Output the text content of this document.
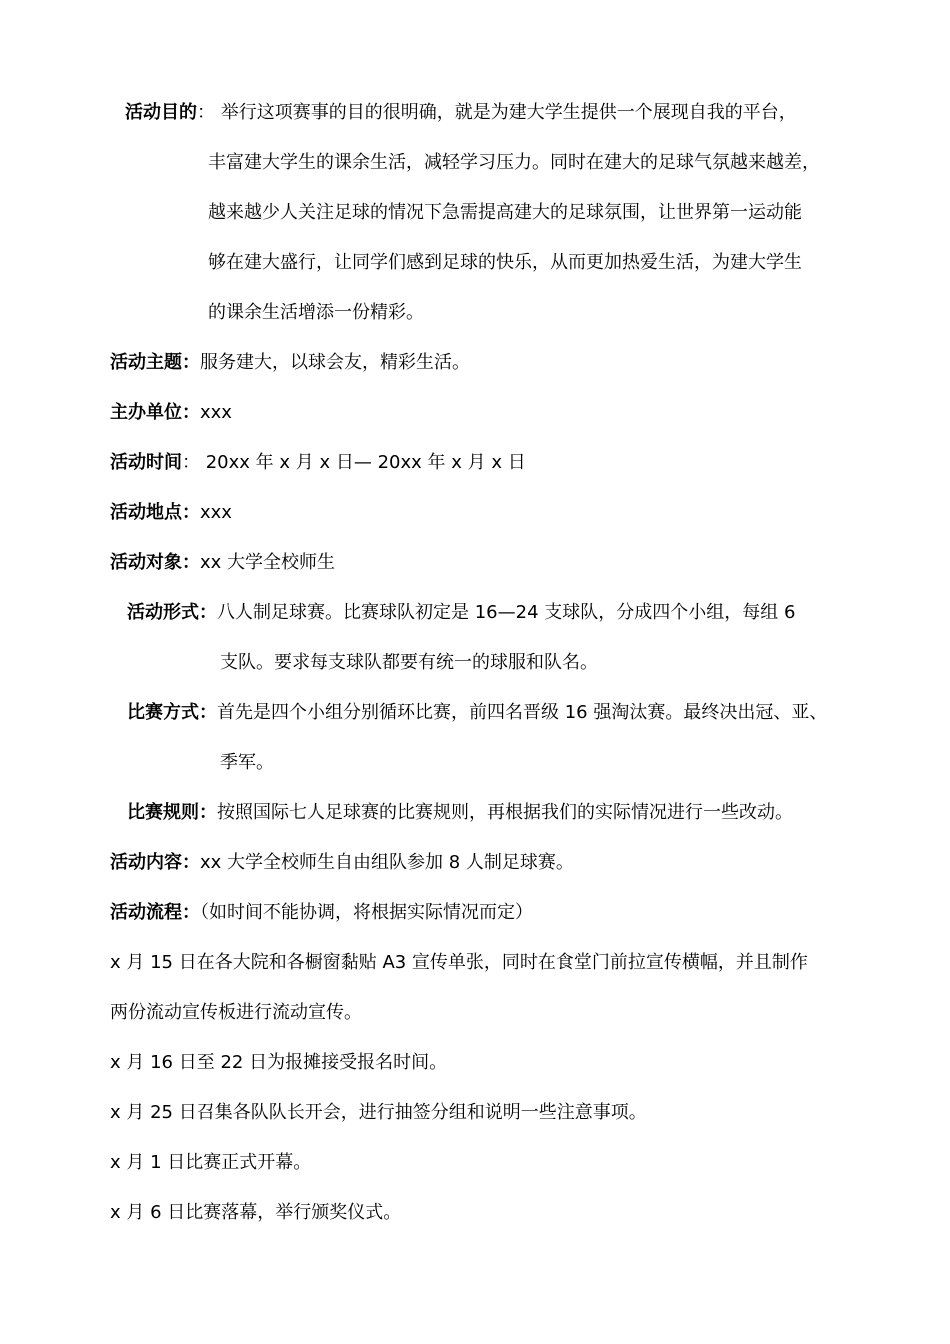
活动目的： 举行这项赛事的目的很明确，就是为建大学生提供一个展现自我的平台，
丰富建大学生的课余生活，减轻学习压力。同时在建大的足球气氛越来越差，
越来越少人关注足球的情况下急需提高建大的足球氛围，让世界第一运动能
够在建大盛行，让同学们感到足球的快乐，从而更加热爱生活，为建大学生
的课余生活增添一份精彩。
活动主题：服务建大，以球会友，精彩生活。
主办单位：xxx
活动时间： 20xx 年 x 月 x 日— 20xx 年 x 月 x 日
活动地点：xxx
活动对象：xx 大学全校师生
活动形式：八人制足球赛。比赛球队初定是 16—24 支球队，分成四个小组，每组 6
支队。要求每支球队都要有统一的球服和队名。
比赛方式：首先是四个小组分别循环比赛，前四名晋级 16 强淘汰赛。最终决出冠、亚、
季军。
比赛规则：按照国际七人足球赛的比赛规则，再根据我们的实际情况进行一些改动。
活动内容：xx 大学全校师生自由组队参加 8 人制足球赛。
活动流程：（如时间不能协调，将根据实际情况而定）
x 月 15 日在各大院和各橱窗黏贴 A3 宣传单张，同时在食堂门前拉宣传横幅，并且制作
两份流动宣传板进行流动宣传。
x 月 16 日至 22 日为报摊接受报名时间。
x 月 25 日召集各队队长开会，进行抽签分组和说明一些注意事项。
x 月 1 日比赛正式开幕。
x 月 6 日比赛落幕，举行颁奖仪式。
